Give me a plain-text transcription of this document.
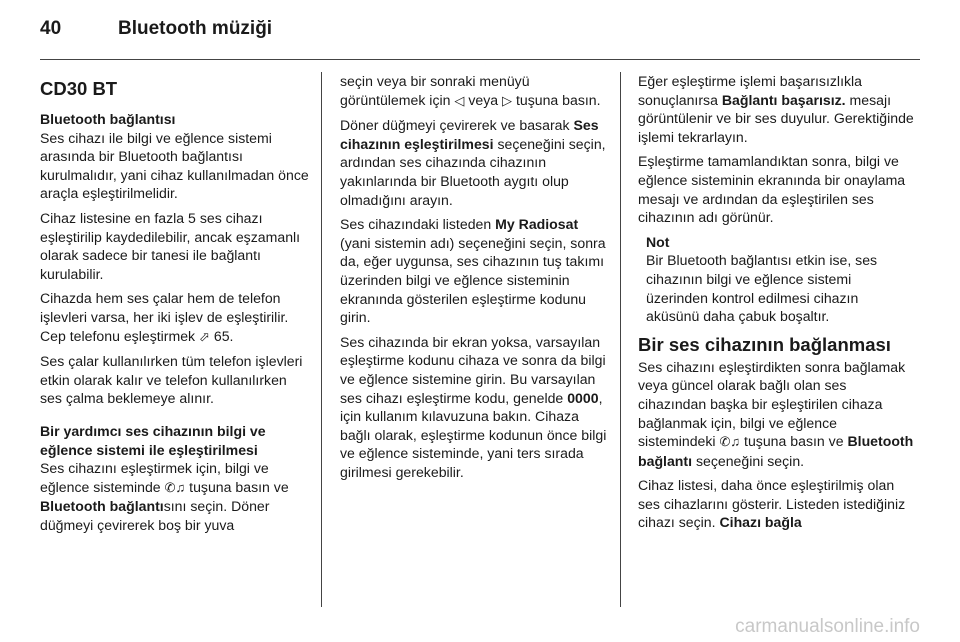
40	Bluetooth müziği
CD30 BT
Bluetooth bağlantısı

Ses cihazı ile bilgi ve eğlence sistemi arasında bir Bluetooth bağlantısı kurulmalıdır, yani cihaz kullanılmadan önce araçla eşleştirilmelidir.

Cihaz listesine en fazla 5 ses cihazı eşleştirilip kaydedilebilir, ancak eşzamanlı olarak sadece bir tanesi ile bağlantı kurulabilir.

Cihazda hem ses çalar hem de telefon işlevleri varsa, her iki işlev de eşleştirilir. Cep telefonu eşleştirmek ⬀ 65.

Ses çalar kullanılırken tüm telefon işlevleri etkin olarak kalır ve telefon kullanılırken ses çalma beklemeye alınır.

Bir yardımcı ses cihazının bilgi ve eğlence sistemi ile eşleştirilmesi

Ses cihazını eşleştirmek için, bilgi ve eğlence sisteminde ✆♫ tuşuna basın ve Bluetooth bağlantısını seçin. Döner düğmeyi çevirerek boş bir yuva

seçin veya bir sonraki menüyü görüntülemek için ◁ veya ▷ tuşuna basın.

Döner düğmeyi çevirerek ve basarak Ses cihazının eşleştirilmesi seçeneğini seçin, ardından ses cihazında cihazının yakınlarında bir Bluetooth aygıtı olup olmadığını arayın.

Ses cihazındaki listeden My Radiosat (yani sistemin adı) seçeneğini seçin, sonra da, eğer uygunsa, ses cihazının tuş takımı üzerinden bilgi ve eğlence sisteminin ekranında gösterilen eşleştirme kodunu girin.

Ses cihazında bir ekran yoksa, varsayılan eşleştirme kodunu cihaza ve sonra da bilgi ve eğlence sistemine girin. Bu varsayılan ses cihazı eşleştirme kodu, genelde 0000, için kullanım kılavuzuna bakın. Cihaza bağlı olarak, eşleştirme kodunun önce bilgi ve eğlence sisteminde, yani ters sırada girilmesi gerekebilir.

Eğer eşleştirme işlemi başarısızlıkla sonuçlanırsa Bağlantı başarısız. mesajı görüntülenir ve bir ses duyulur. Gerektiğinde işlemi tekrarlayın.

Eşleştirme tamamlandıktan sonra, bilgi ve eğlence sisteminin ekranında bir onaylama mesajı ve ardından da eşleştirilen ses cihazının adı görünür.

Not
Bir Bluetooth bağlantısı etkin ise, ses cihazının bilgi ve eğlence sistemi üzerinden kontrol edilmesi cihazın aküsünü daha çabuk boşaltır.
Bir ses cihazının bağlanması

Ses cihazını eşleştirdikten sonra bağlamak veya güncel olarak bağlı olan ses cihazından başka bir eşleştirilen cihaza bağlanmak için, bilgi ve eğlence sistemindeki ✆♫ tuşuna basın ve Bluetooth bağlantı seçeneğini seçin.

Cihaz listesi, daha önce eşleştirilmiş olan ses cihazlarını gösterir. Listeden istediğiniz cihazı seçin. Cihazı bağla

carmanualsonline.info
